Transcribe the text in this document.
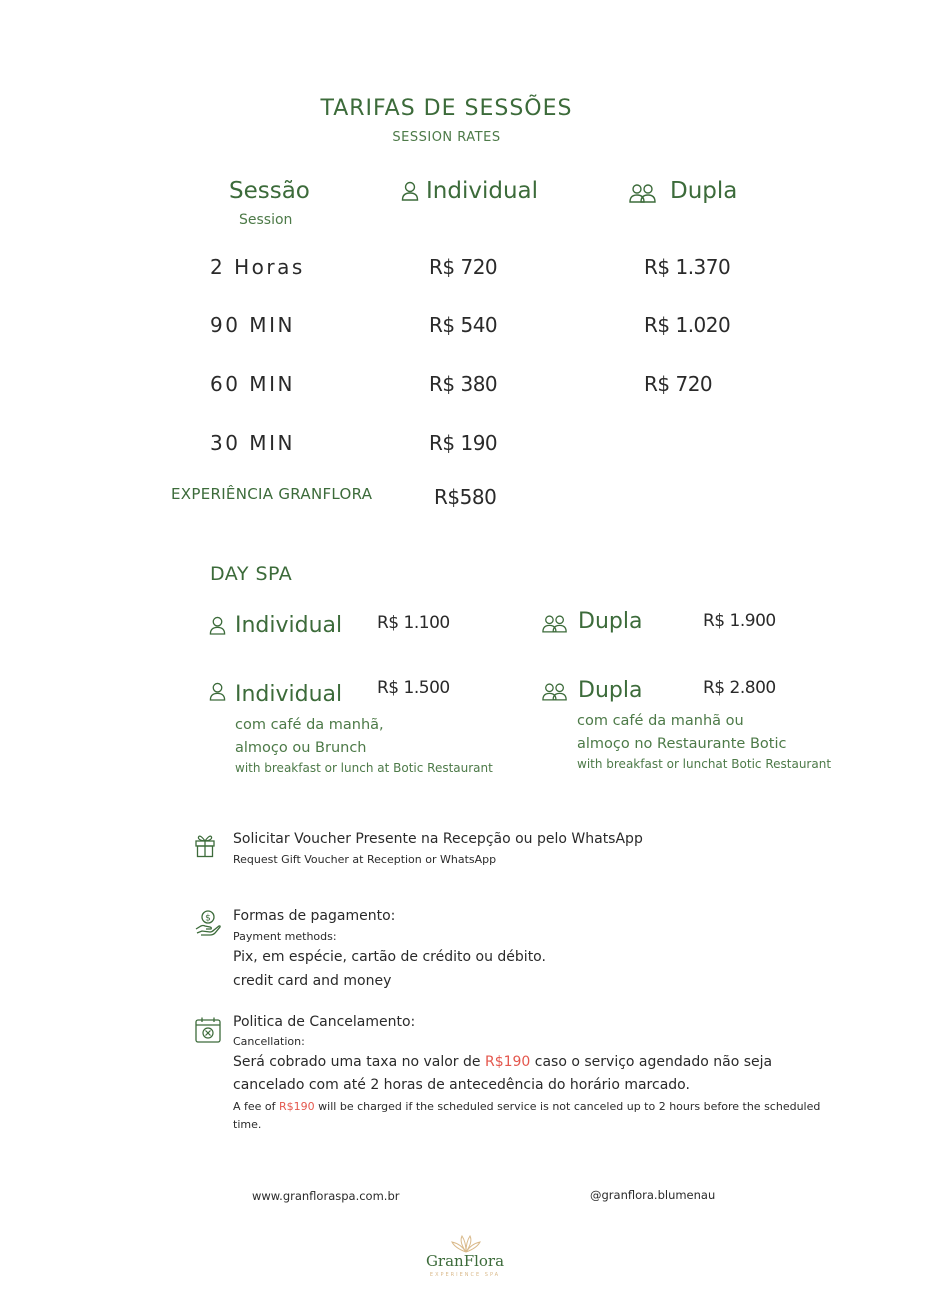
TARIFAS DE SESSÕES
SESSION RATES
Sessão
Session
Individual	Dupla
2 Horas	R$ 720	R$ 1.370
90 MIN	R$ 540	R$ 1.020
60 MIN	R$ 380	R$ 720
30 MIN	R$ 190
EXPERIÊNCIA GRANFLORA	R$580
DAY SPA
Individual R$ 1.100	Dupla	R$ 1.900
Individual R$ 1.500
com café da manhã,
almoço ou Brunch
with breakfast or lunch at Botic Restaurant
Dupla	R$ 2.800
com café da manhã ou
almoço no Restaurante Botic
with breakfast or lunchat Botic Restaurant
Solicitar Voucher Presente na Recepção ou pelo WhatsApp
Request Gift Voucher at Reception or WhatsApp
$ Formas de pagamento:
Payment methods:
Pix, em espécie, cartão de crédito ou débito.
credit card and money
Politica de Cancelamento:
Cancellation:
Será cobrado uma taxa no valor de R$190 caso o serviço agendado não seja
cancelado com até 2 horas de antecedência do horário marcado.
A fee of R$190 will be charged if the scheduled service is not canceled up to 2 hours before the scheduled
time.
www.granfloraspa.com.br	@granflora.blumenau
GranFlora
EXPERIENCE SPA
